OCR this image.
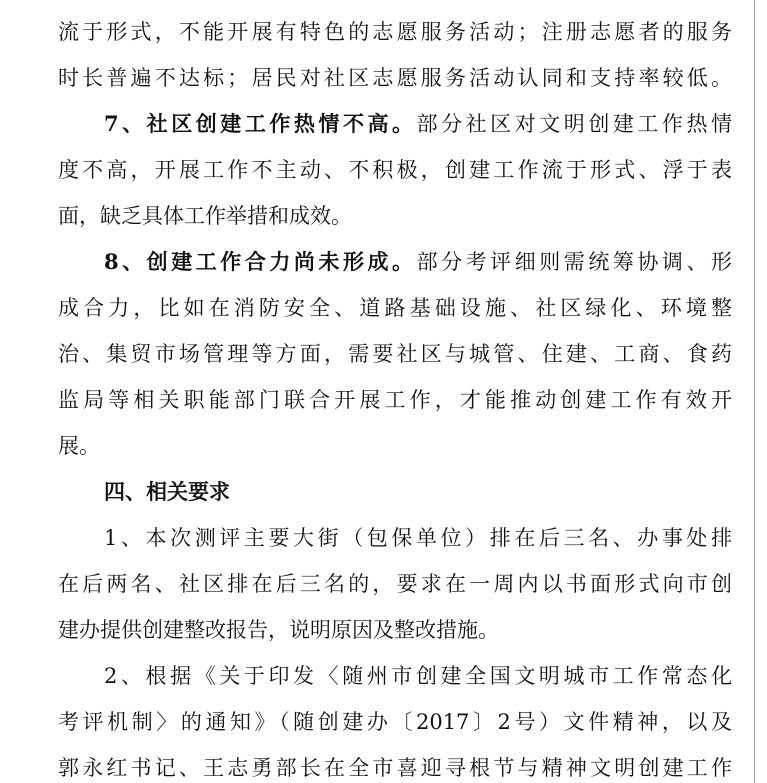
流于形式，不能开展有特色的志愿服务活动；注册志愿者的服务
时长普遍不达标；居民对社区志愿服务活动认同和支持率较低。
7、社区创建工作热情不高。部分社区对文明创建工作热情
度不高，开展工作不主动、不积极，创建工作流于形式、浮于表
面，缺乏具体工作举措和成效。
8、创建工作合力尚未形成。部分考评细则需统筹协调、形
成合力，比如在消防安全、道路基础设施、社区绿化、环境整
治、集贸市场管理等方面，需要社区与城管、住建、工商、食药
监局等相关职能部门联合开展工作，才能推动创建工作有效开
展。
四、相关要求
1、本次测评主要大街（包保单位）排在后三名、办事处排
在后两名、社区排在后三名的，要求在一周内以书面形式向市创
建办提供创建整改报告，说明原因及整改措施。
2、根据《关于印发〈随州市创建全国文明城市工作常态化
考评机制〉的通知》（随创建办〔2017〕2号）文件精神，以及
郭永红书记、王志勇部长在全市喜迎寻根节与精神文明创建工作
